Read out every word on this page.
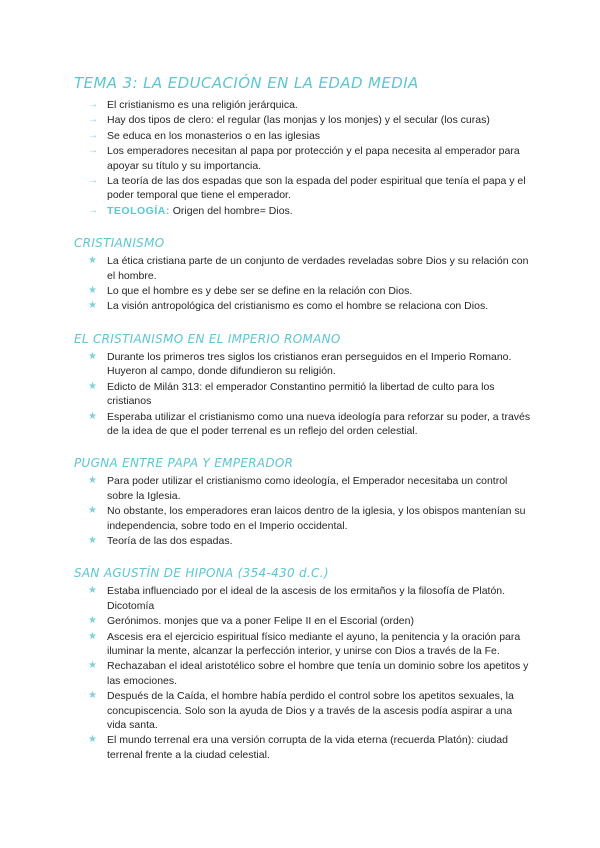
TEMA 3: LA EDUCACIÓN EN LA EDAD MEDIA
→ El cristianismo es una religión jerárquica.
→ Hay dos tipos de clero: el regular (las monjas y los monjes) y el secular (los curas)
→ Se educa en los monasterios o en las iglesias
→ Los emperadores necesitan al papa por protección y el papa necesita al emperador para apoyar su título y su importancia.
→ La teoría de las dos espadas que son la espada del poder espiritual que tenía el papa y el poder temporal que tiene el emperador.
→ TEOLOGÍA: Origen del hombre= Dios.
CRISTIANISMO
★ La ética cristiana parte de un conjunto de verdades reveladas sobre Dios y su relación con el hombre.
★ Lo que el hombre es y debe ser se define en la relación con Dios.
★ La visión antropológica del cristianismo es como el hombre se relaciona con Dios.
EL CRISTIANISMO EN EL IMPERIO ROMANO
★ Durante los primeros tres siglos los cristianos eran perseguidos en el Imperio Romano. Huyeron al campo, donde difundieron su religión.
★ Edicto de Milán 313: el emperador Constantino permitió la libertad de culto para los cristianos
★ Esperaba utilizar el cristianismo como una nueva ideología para reforzar su poder, a través de la idea de que el poder terrenal es un reflejo del orden celestial.
PUGNA ENTRE PAPA Y EMPERADOR
★ Para poder utilizar el cristianismo como ideología, el Emperador necesitaba un control sobre la Iglesia.
★ No obstante, los emperadores eran laicos dentro de la iglesia, y los obispos mantenían su independencia, sobre todo en el Imperio occidental.
★ Teoría de las dos espadas.
SAN AGUSTÍN DE HIPONA (354-430 d.C.)
★ Estaba influenciado por el ideal de la ascesis de los ermitaños y la filosofía de Platón. Dicotomía
★ Gerónimos. monjes que va a poner Felipe II en el Escorial (orden)
★ Ascesis era el ejercicio espiritual físico mediante el ayuno, la penitencia y la oración para iluminar la mente, alcanzar la perfección interior, y unirse con Dios a través de la Fe.
★ Rechazaban el ideal aristotélico sobre el hombre que tenía un dominio sobre los apetitos y las emociones.
★ Después de la Caída, el hombre había perdido el control sobre los apetitos sexuales, la concupiscencia. Solo son la ayuda de Dios y a través de la ascesis podía aspirar a una vida santa.
★ El mundo terrenal era una versión corrupta de la vida eterna (recuerda Platón): ciudad terrenal frente a la ciudad celestial.
